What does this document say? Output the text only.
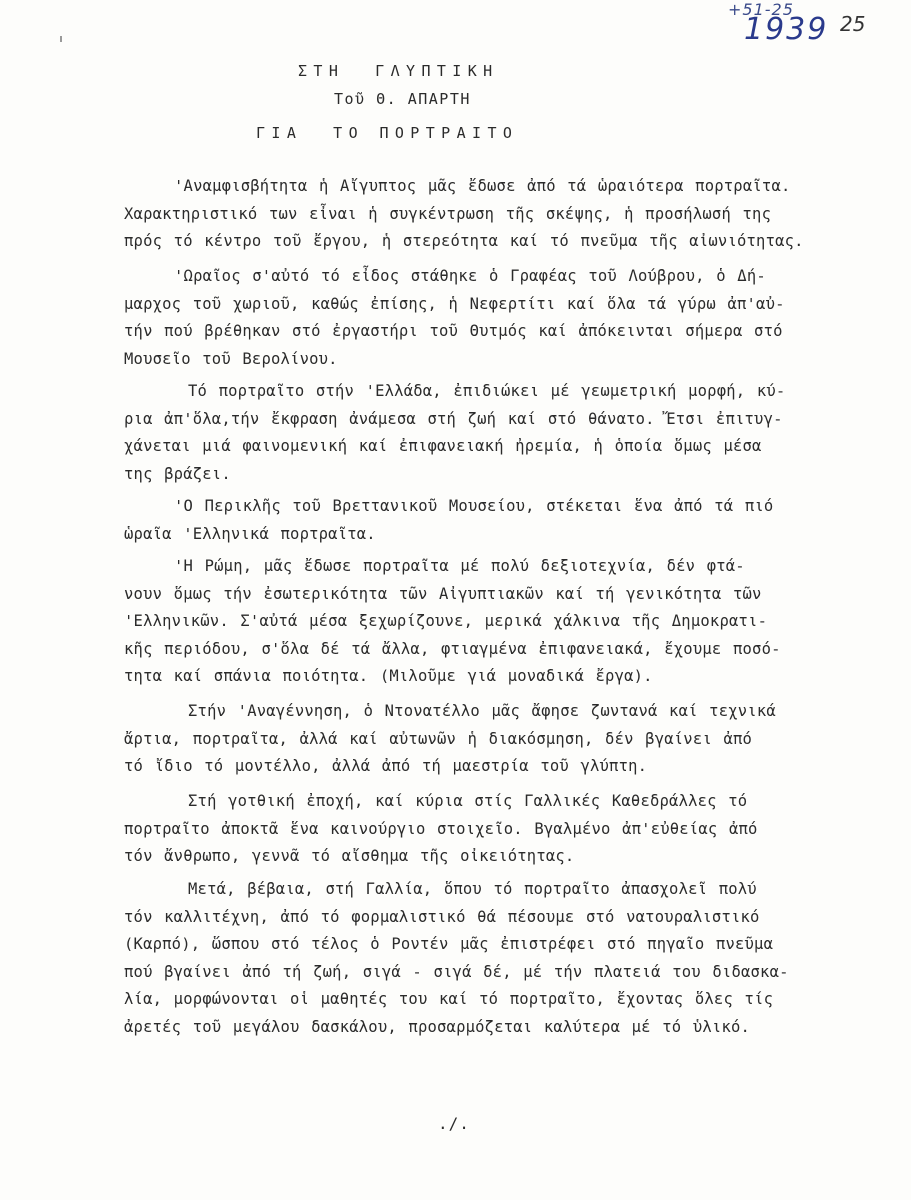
+51-25
1939 25
ΣΤΗ  ΓΛΥΠΤΙΚΗ
Τοῦ Θ. ΑΠΑΡΤΗ
ΓΙΑ  ΤΟ ΠΟΡΤΡΑΙΤΟ

'Αναμφισβήτητα ἡ Αἴγυπτος μᾶς ἔδωσε ἀπό τά ὡραιότερα πορτραῖτα.
Χαρακτηριστικό των εἶναι ἡ συγκέντρωση τῆς σκέψης, ἡ προσήλωσή της
πρός τό κέντρο τοῦ ἔργου, ἡ στερεότητα καί τό πνεῦμα τῆς αἰωνιότητας.

'Ωραῖος σ'αὐτό τό εἶδος στάθηκε ὁ Γραφέας τοῦ Λούβρου, ὁ Δή-
μαρχος τοῦ χωριοῦ, καθώς ἐπίσης, ἡ Νεφερτίτι καί ὅλα τά γύρω ἀπ'αὐ-
τήν πού βρέθηκαν στό ἐργαστήρι τοῦ Θυτμός καί ἀπόκεινται σήμερα στό
Μουσεῖο τοῦ Βερολίνου.

Τό πορτραῖτο στήν 'Ελλάδα, ἐπιδιώκει μέ γεωμετρική μορφή, κύ-
ρια ἀπ'ὅλα,τήν ἔκφραση ἀνάμεσα στή ζωή καί στό θάνατο. Ἔτσι ἐπιτυγ-
χάνεται μιά φαινομενική καί ἐπιφανειακή ἠρεμία, ἡ ὁποία ὅμως μέσα
της βράζει.

'Ο Περικλῆς τοῦ Βρεττανικοῦ Μουσείου, στέκεται ἕνα ἀπό τά πιό
ὡραῖα 'Ελληνικά πορτραῖτα.

'Η Ρώμη, μᾶς ἔδωσε πορτραῖτα μέ πολύ δεξιοτεχνία, δέν φτά-
νουν ὅμως τήν ἐσωτερικότητα τῶν Αἰγυπτιακῶν καί τή γενικότητα τῶν
'Ελληνικῶν. Σ'αὐτά μέσα ξεχωρίζουνε, μερικά χάλκινα τῆς Δημοκρατι-
κῆς περιόδου, σ'ὅλα δέ τά ἄλλα, φτιαγμένα ἐπιφανειακά, ἔχουμε ποσό-
τητα καί σπάνια ποιότητα. (Μιλοῦμε γιά μοναδικά ἔργα).

Στήν 'Αναγέννηση, ὁ Ντονατέλλο μᾶς ἄφησε ζωντανά καί τεχνικά
ἄρτια, πορτραῖτα, ἀλλά καί αὐτωνῶν ἡ διακόσμηση, δέν βγαίνει ἀπό
τό ἴδιο τό μοντέλλο, ἀλλά ἀπό τή μαεστρία τοῦ γλύπτη.

Στή γοτθική ἐποχή, καί κύρια στίς Γαλλικές Καθεδράλλες τό
πορτραῖτο ἀποκτᾶ ἕνα καινούργιο στοιχεῖο. Βγαλμένο ἀπ'εὐθείας ἀπό
τόν ἄνθρωπο, γεννᾶ τό αἴσθημα τῆς οἰκειότητας.

Μετά, βέβαια, στή Γαλλία, ὅπου τό πορτραῖτο ἀπασχολεῖ πολύ
τόν καλλιτέχνη, ἀπό τό φορμαλιστικό θά πέσουμε στό νατουραλιστικό
(Καρπό), ὥσπου στό τέλος ὁ Ροντέν μᾶς ἐπιστρέφει στό πηγαῖο πνεῦμα
πού βγαίνει ἀπό τή ζωή, σιγά - σιγά δέ, μέ τήν πλατειά του διδασκα-
λία, μορφώνονται οἱ μαθητές του καί τό πορτραῖτο, ἔχοντας ὅλες τίς
ἀρετές τοῦ μεγάλου δασκάλου, προσαρμόζεται καλύτερα μέ τό ὑλικό.

./.
